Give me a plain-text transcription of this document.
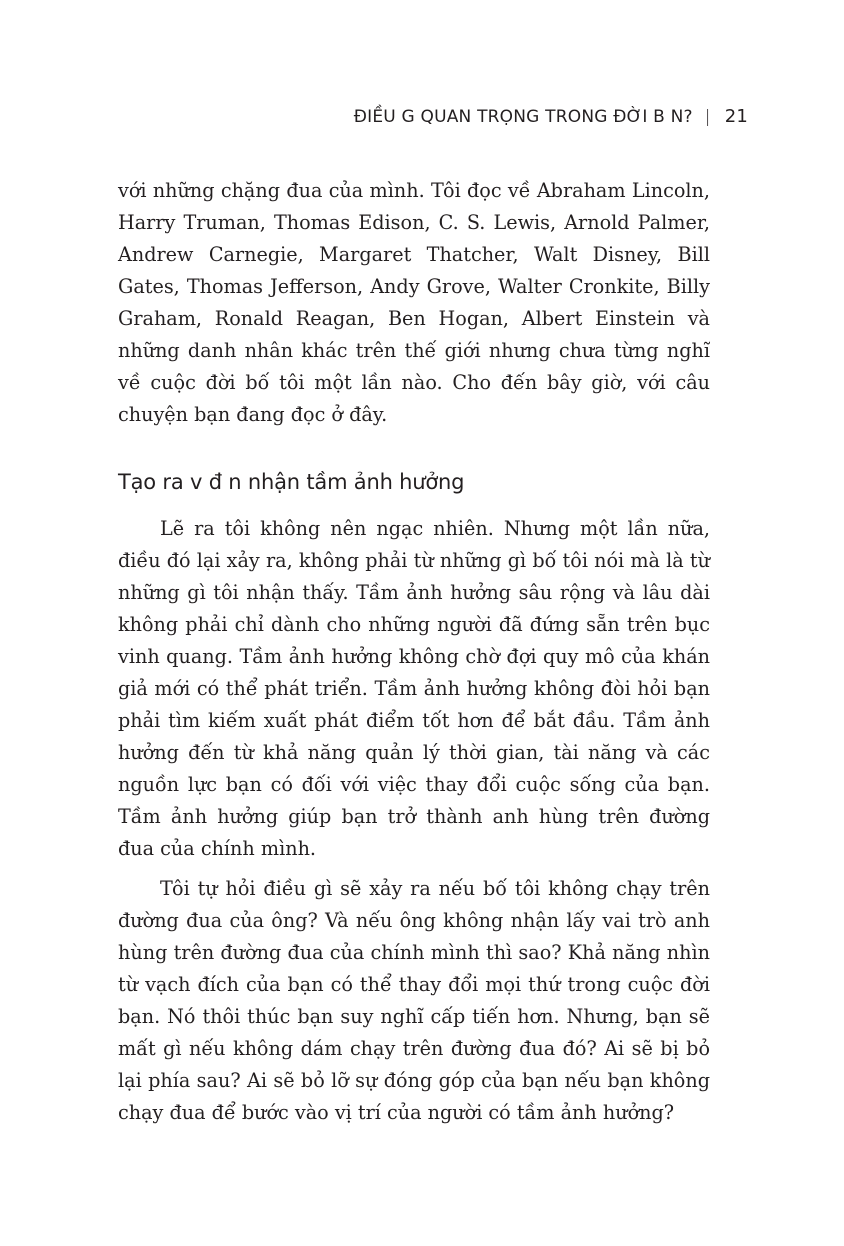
ĐIỀU G QUAN TRỌNG TRONG ĐỜI B N? | 21

với những chặng đua của mình. Tôi đọc về Abraham Lincoln, Harry Truman, Thomas Edison, C. S. Lewis, Arnold Palmer, Andrew Carnegie, Margaret Thatcher, Walt Disney, Bill Gates, Thomas Jefferson, Andy Grove, Walter Cronkite, Billy Graham, Ronald Reagan, Ben Hogan, Albert Einstein và những danh nhân khác trên thế giới nhưng chưa từng nghĩ về cuộc đời bố tôi một lần nào. Cho đến bây giờ, với câu chuyện bạn đang đọc ở đây.

Tạo ra v đ n nhận tầm ảnh hưởng

Lẽ ra tôi không nên ngạc nhiên. Nhưng một lần nữa, điều đó lại xảy ra, không phải từ những gì bố tôi nói mà là từ những gì tôi nhận thấy. Tầm ảnh hưởng sâu rộng và lâu dài không phải chỉ dành cho những người đã đứng sẵn trên bục vinh quang. Tầm ảnh hưởng không chờ đợi quy mô của khán giả mới có thể phát triển. Tầm ảnh hưởng không đòi hỏi bạn phải tìm kiếm xuất phát điểm tốt hơn để bắt đầu. Tầm ảnh hưởng đến từ khả năng quản lý thời gian, tài năng và các nguồn lực bạn có đối với việc thay đổi cuộc sống của bạn. Tầm ảnh hưởng giúp bạn trở thành anh hùng trên đường đua của chính mình.

Tôi tự hỏi điều gì sẽ xảy ra nếu bố tôi không chạy trên đường đua của ông? Và nếu ông không nhận lấy vai trò anh hùng trên đường đua của chính mình thì sao? Khả năng nhìn từ vạch đích của bạn có thể thay đổi mọi thứ trong cuộc đời bạn. Nó thôi thúc bạn suy nghĩ cấp tiến hơn. Nhưng, bạn sẽ mất gì nếu không dám chạy trên đường đua đó? Ai sẽ bị bỏ lại phía sau? Ai sẽ bỏ lỡ sự đóng góp của bạn nếu bạn không chạy đua để bước vào vị trí của người có tầm ảnh hưởng?
